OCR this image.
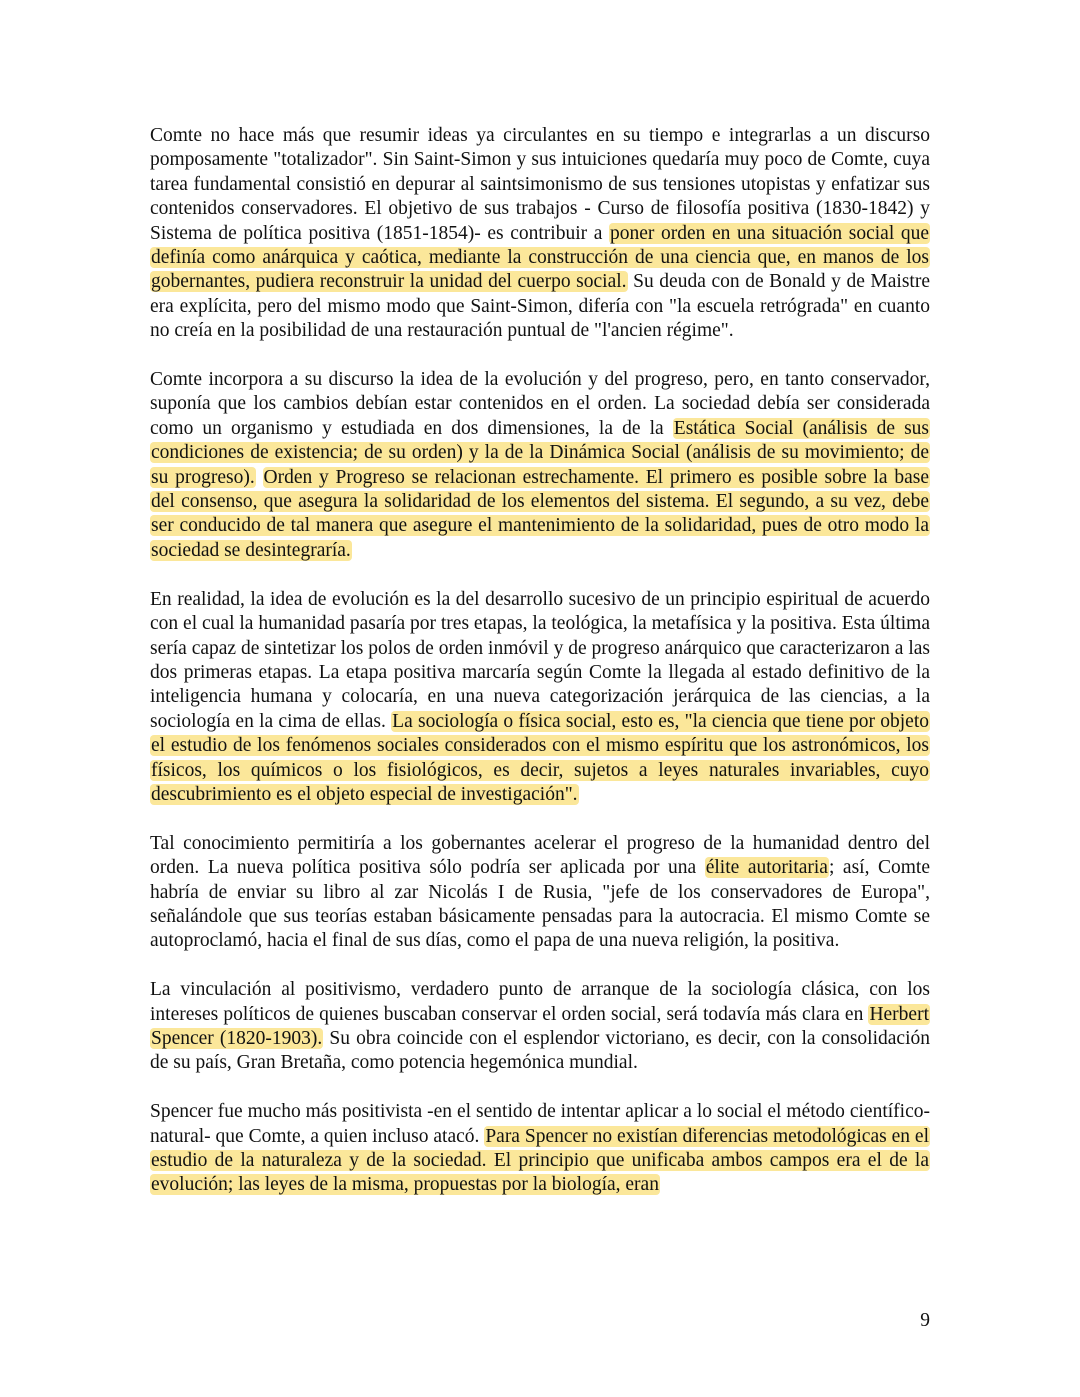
Comte no hace más que resumir ideas ya circulantes en su tiempo e integrarlas a un discurso pomposamente "totalizador". Sin Saint-Simon y sus intuiciones quedaría muy poco de Comte, cuya tarea fundamental consistió en depurar al saintsimonismo de sus tensiones utopistas y enfatizar sus contenidos conservadores. El objetivo de sus trabajos - Curso de filosofía positiva (1830-1842) y Sistema de política positiva (1851-1854)- es contribuir a poner orden en una situación social que definía como anárquica y caótica, mediante la construcción de una ciencia que, en manos de los gobernantes, pudiera reconstruir la unidad del cuerpo social. Su deuda con de Bonald y de Maistre era explícita, pero del mismo modo que Saint-Simon, difería con "la escuela retrógrada" en cuanto no creía en la posibilidad de una restauración puntual de "l'ancien régime".

Comte incorpora a su discurso la idea de la evolución y del progreso, pero, en tanto conservador, suponía que los cambios debían estar contenidos en el orden. La sociedad debía ser considerada como un organismo y estudiada en dos dimensiones, la de la Estática Social (análisis de sus condiciones de existencia; de su orden) y la de la Dinámica Social (análisis de su movimiento; de su progreso). Orden y Progreso se relacionan estrechamente. El primero es posible sobre la base del consenso, que asegura la solidaridad de los elementos del sistema. El segundo, a su vez, debe ser conducido de tal manera que asegure el mantenimiento de la solidaridad, pues de otro modo la sociedad se desintegraría.

En realidad, la idea de evolución es la del desarrollo sucesivo de un principio espiritual de acuerdo con el cual la humanidad pasaría por tres etapas, la teológica, la metafísica y la positiva. Esta última sería capaz de sintetizar los polos de orden inmóvil y de progreso anárquico que caracterizaron a las dos primeras etapas. La etapa positiva marcaría según Comte la llegada al estado definitivo de la inteligencia humana y colocaría, en una nueva categorización jerárquica de las ciencias, a la sociología en la cima de ellas. La sociología o física social, esto es, "la ciencia que tiene por objeto el estudio de los fenómenos sociales considerados con el mismo espíritu que los astronómicos, los físicos, los químicos o los fisiológicos, es decir, sujetos a leyes naturales invariables, cuyo descubrimiento es el objeto especial de investigación".

Tal conocimiento permitiría a los gobernantes acelerar el progreso de la humanidad dentro del orden. La nueva política positiva sólo podría ser aplicada por una élite autoritaria; así, Comte habría de enviar su libro al zar Nicolás I de Rusia, "jefe de los conservadores de Europa", señalándole que sus teorías estaban básicamente pensadas para la autocracia. El mismo Comte se autoproclamó, hacia el final de sus días, como el papa de una nueva religión, la positiva.

La vinculación al positivismo, verdadero punto de arranque de la sociología clásica, con los intereses políticos de quienes buscaban conservar el orden social, será todavía más clara en Herbert Spencer (1820-1903). Su obra coincide con el esplendor victoriano, es decir, con la consolidación de su país, Gran Bretaña, como potencia hegemónica mundial.

Spencer fue mucho más positivista -en el sentido de intentar aplicar a lo social el método científico-natural- que Comte, a quien incluso atacó. Para Spencer no existían diferencias metodológicas en el estudio de la naturaleza y de la sociedad. El principio que unificaba ambos campos era el de la evolución; las leyes de la misma, propuestas por la biología, eran

9
